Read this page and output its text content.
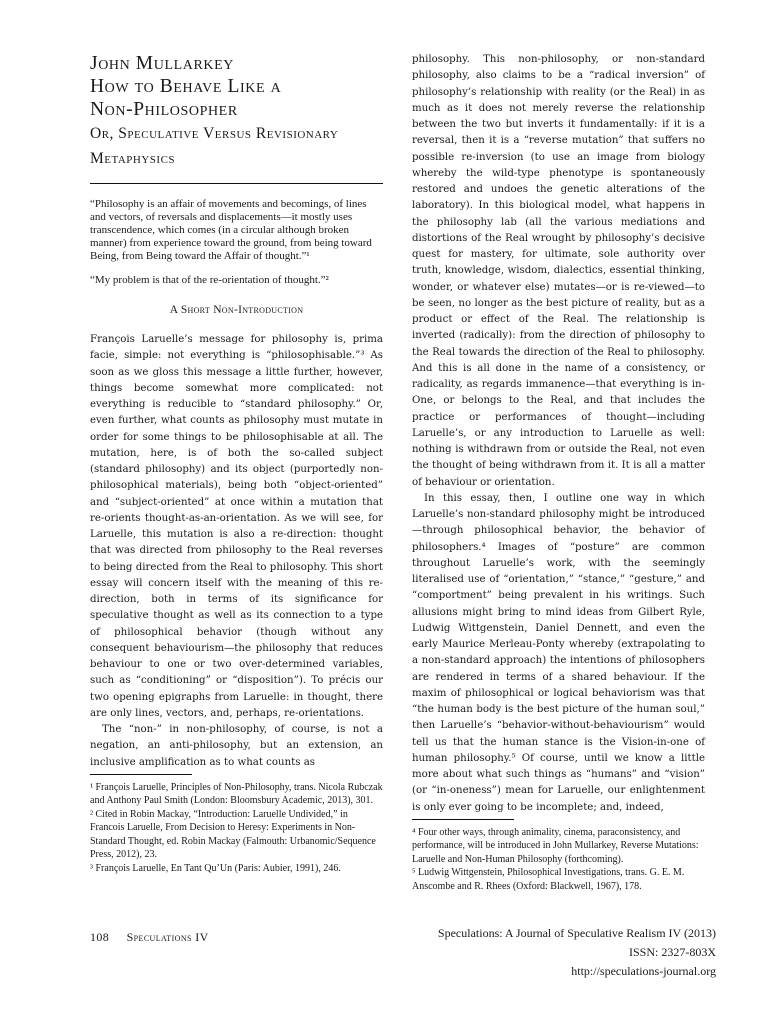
John Mullarkey

How to Behave Like a

Non-Philosopher

Or, Speculative Versus Revisionary

Metaphysics

“Philosophy is an affair of movements and becomings, of lines and vectors, of reversals and displacements—it mostly uses transcendence, which comes (in a circular although broken manner) from experience toward the ground, from being toward Being, from Being toward the Affair of thought.”¹

“My problem is that of the re-orientation of thought.”²

A Short Non-Introduction

François Laruelle’s message for philosophy is, prima facie, simple: not everything is “philosophisable.”³ As soon as we gloss this message a little further, however, things become somewhat more complicated: not everything is reducible to “standard philosophy.” Or, even further, what counts as philosophy must mutate in order for some things to be philosophisable at all. The mutation, here, is of both the so-called subject (standard philosophy) and its object (purportedly non-philosophical materials), being both “object-oriented” and “subject-oriented” at once within a mutation that re-orients thought-as-an-orientation. As we will see, for Laruelle, this mutation is also a re-direction: thought that was directed from philosophy to the Real reverses to being directed from the Real to philosophy. This short essay will concern itself with the meaning of this re-direction, both in terms of its significance for speculative thought as well as its connection to a type of philosophical behavior (though without any consequent behaviourism—the philosophy that reduces behaviour to one or two over-determined variables, such as “conditioning” or “disposition”). To précis our two opening epigraphs from Laruelle: in thought, there are only lines, vectors, and, perhaps, re-orientations.

The “non-” in non-philosophy, of course, is not a negation, an anti-philosophy, but an extension, an inclusive amplification as to what counts as

¹ François Laruelle, Principles of Non-Philosophy, trans. Nicola Rubczak and Anthony Paul Smith (London: Bloomsbury Academic, 2013), 301.

² Cited in Robin Mackay, “Introduction: Laruelle Undivided,” in Francois Laruelle, From Decision to Heresy: Experiments in Non-Standard Thought, ed. Robin Mackay (Falmouth: Urbanomic/Sequence Press, 2012), 23.

³ François Laruelle, En Tant Qu’Un (Paris: Aubier, 1991), 246.

philosophy. This non-philosophy, or non-standard philosophy, also claims to be a “radical inversion” of philosophy’s relationship with reality (or the Real) in as much as it does not merely reverse the relationship between the two but inverts it fundamentally: if it is a reversal, then it is a “reverse mutation” that suffers no possible re-inversion (to use an image from biology whereby the wild-type phenotype is spontaneously restored and undoes the genetic alterations of the laboratory). In this biological model, what happens in the philosophy lab (all the various mediations and distortions of the Real wrought by philosophy’s decisive quest for mastery, for ultimate, sole authority over truth, knowledge, wisdom, dialectics, essential thinking, wonder, or whatever else) mutates—or is re-viewed—to be seen, no longer as the best picture of reality, but as a product or effect of the Real. The relationship is inverted (radically): from the direction of philosophy to the Real towards the direction of the Real to philosophy. And this is all done in the name of a consistency, or radicality, as regards immanence—that everything is in-One, or belongs to the Real, and that includes the practice or performances of thought—including Laruelle’s, or any introduction to Laruelle as well: nothing is withdrawn from or outside the Real, not even the thought of being withdrawn from it. It is all a matter of behaviour or orientation.

In this essay, then, I outline one way in which Laruelle’s non-standard philosophy might be introduced—through philosophical behavior, the behavior of philosophers.⁴ Images of “posture” are common throughout Laruelle’s work, with the seemingly literalised use of “orientation,” “stance,” “gesture,” and “comportment” being prevalent in his writings. Such allusions might bring to mind ideas from Gilbert Ryle, Ludwig Wittgenstein, Daniel Dennett, and even the early Maurice Merleau-Ponty whereby (extrapolating to a non-standard approach) the intentions of philosophers are rendered in terms of a shared behaviour. If the maxim of philosophical or logical behaviorism was that “the human body is the best picture of the human soul,” then Laruelle’s “behavior-without-behaviourism” would tell us that the human stance is the Vision-in-one of human philosophy.⁵ Of course, until we know a little more about what such things as “humans” and “vision” (or “in-oneness”) mean for Laruelle, our enlightenment is only ever going to be incomplete; and, indeed,

⁴ Four other ways, through animality, cinema, paraconsistency, and performance, will be introduced in John Mullarkey, Reverse Mutations: Laruelle and Non-Human Philosophy (forthcoming).

⁵ Ludwig Wittgenstein, Philosophical Investigations, trans. G. E. M. Anscombe and R. Rhees (Oxford: Blackwell, 1967), 178.

108 Speculations IV	Speculations: A Journal of Speculative Realism IV (2013)
ISSN: 2327-803X
http://speculations-journal.org
